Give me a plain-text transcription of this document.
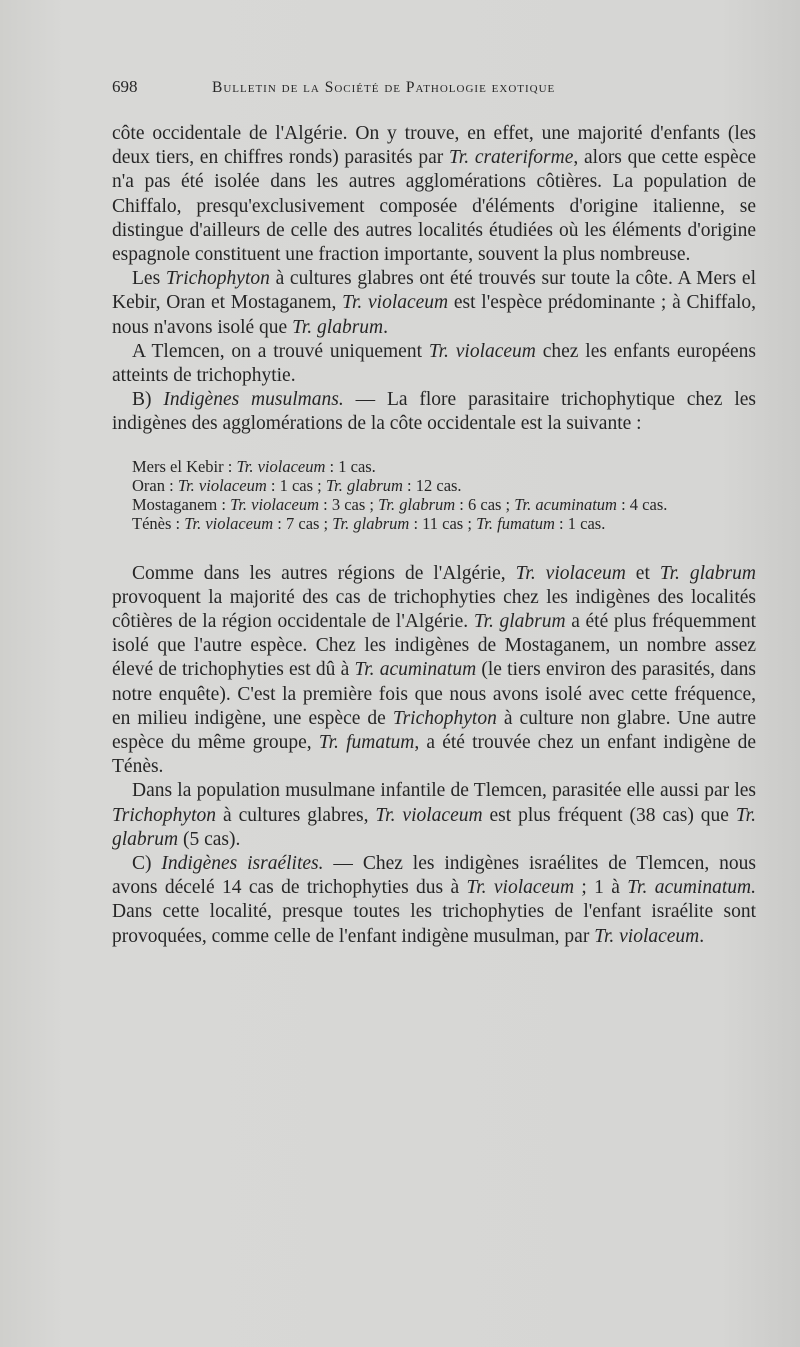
698	Bulletin de la Société de Pathologie exotique

côte occidentale de l'Algérie. On y trouve, en effet, une majorité d'enfants (les deux tiers, en chiffres ronds) parasités par Tr. crateriforme, alors que cette espèce n'a pas été isolée dans les autres agglomérations côtières. La population de Chiffalo, presqu'exclusivement composée d'éléments d'origine italienne, se distingue d'ailleurs de celle des autres localités étudiées où les éléments d'origine espagnole constituent une fraction importante, souvent la plus nombreuse.

Les Trichophyton à cultures glabres ont été trouvés sur toute la côte. A Mers el Kebir, Oran et Mostaganem, Tr. violaceum est l'espèce prédominante ; à Chiffalo, nous n'avons isolé que Tr. glabrum.

A Tlemcen, on a trouvé uniquement Tr. violaceum chez les enfants européens atteints de trichophytie.

B) Indigènes musulmans. — La flore parasitaire trichophytique chez les indigènes des agglomérations de la côte occidentale est la suivante :

Mers el Kebir : Tr. violaceum : 1 cas.

Oran : Tr. violaceum : 1 cas ; Tr. glabrum : 12 cas.

Mostaganem : Tr. violaceum : 3 cas ; Tr. glabrum : 6 cas ; Tr. acuminatum : 4 cas.

Ténès : Tr. violaceum : 7 cas ; Tr. glabrum : 11 cas ; Tr. fumatum : 1 cas.

Comme dans les autres régions de l'Algérie, Tr. violaceum et Tr. glabrum provoquent la majorité des cas de trichophyties chez les indigènes des localités côtières de la région occidentale de l'Algérie. Tr. glabrum a été plus fréquemment isolé que l'autre espèce. Chez les indigènes de Mostaganem, un nombre assez élevé de trichophyties est dû à Tr. acuminatum (le tiers environ des parasités, dans notre enquête). C'est la première fois que nous avons isolé avec cette fréquence, en milieu indigène, une espèce de Trichophyton à culture non glabre. Une autre espèce du même groupe, Tr. fumatum, a été trouvée chez un enfant indigène de Ténès.

Dans la population musulmane infantile de Tlemcen, parasitée elle aussi par les Trichophyton à cultures glabres, Tr. violaceum est plus fréquent (38 cas) que Tr. glabrum (5 cas).

C) Indigènes israélites. — Chez les indigènes israélites de Tlemcen, nous avons décelé 14 cas de trichophyties dus à Tr. violaceum ; 1 à Tr. acuminatum. Dans cette localité, presque toutes les trichophyties de l'enfant israélite sont provoquées, comme celle de l'enfant indigène musulman, par Tr. violaceum.
